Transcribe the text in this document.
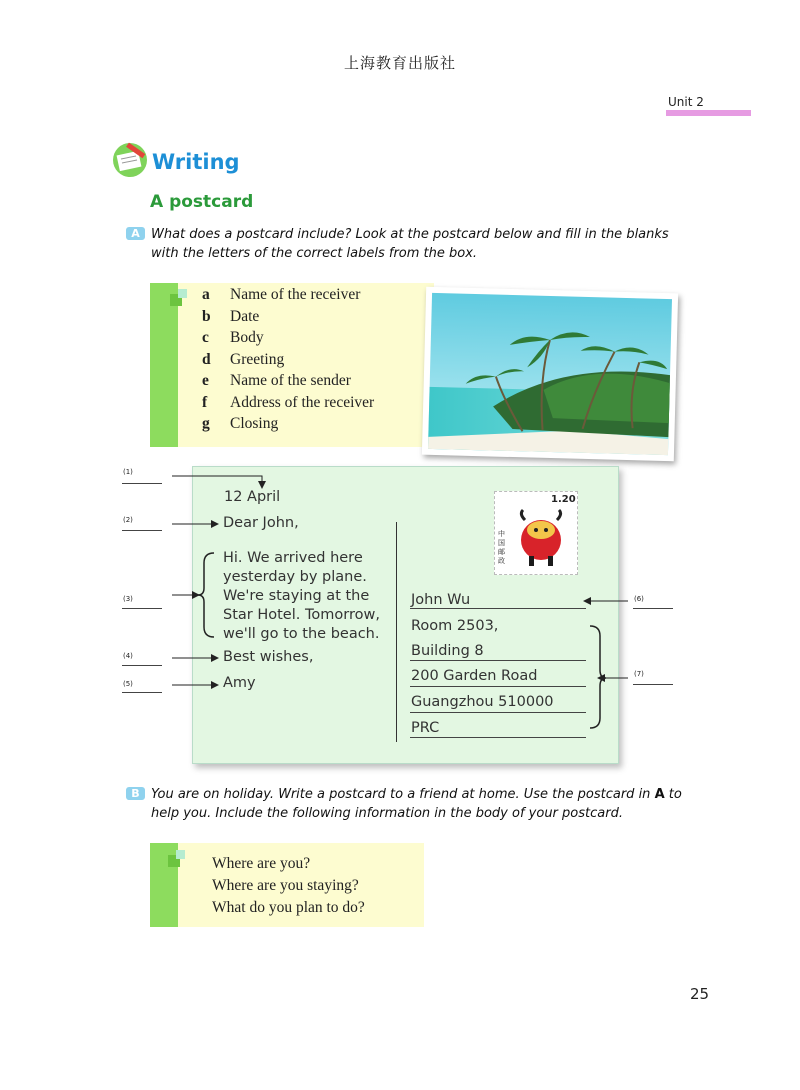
上海教育出版社
Unit 2
Writing
A postcard
A What does a postcard include? Look at the postcard below and fill in the blanks
with the letters of the correct labels from the box.
a Name of the receiver
b Date
c Body
d Greeting
e Name of the sender
f Address of the receiver
g Closing
(1)
(2)
(3)
(4)
(5)
(6)
(7)
1.20
中国邮政
12 April
Dear John,
Hi. We arrived here
yesterday by plane.
We're staying at the
Star Hotel. Tomorrow,
we'll go to the beach.
Best wishes,
Amy
John Wu
Room 2503,
Building 8
200 Garden Road
Guangzhou 510000
PRC
B You are on holiday. Write a postcard to a friend at home. Use the postcard in A to
help you. Include the following information in the body of your postcard.
Where are you?
Where are you staying?
What do you plan to do?
25
